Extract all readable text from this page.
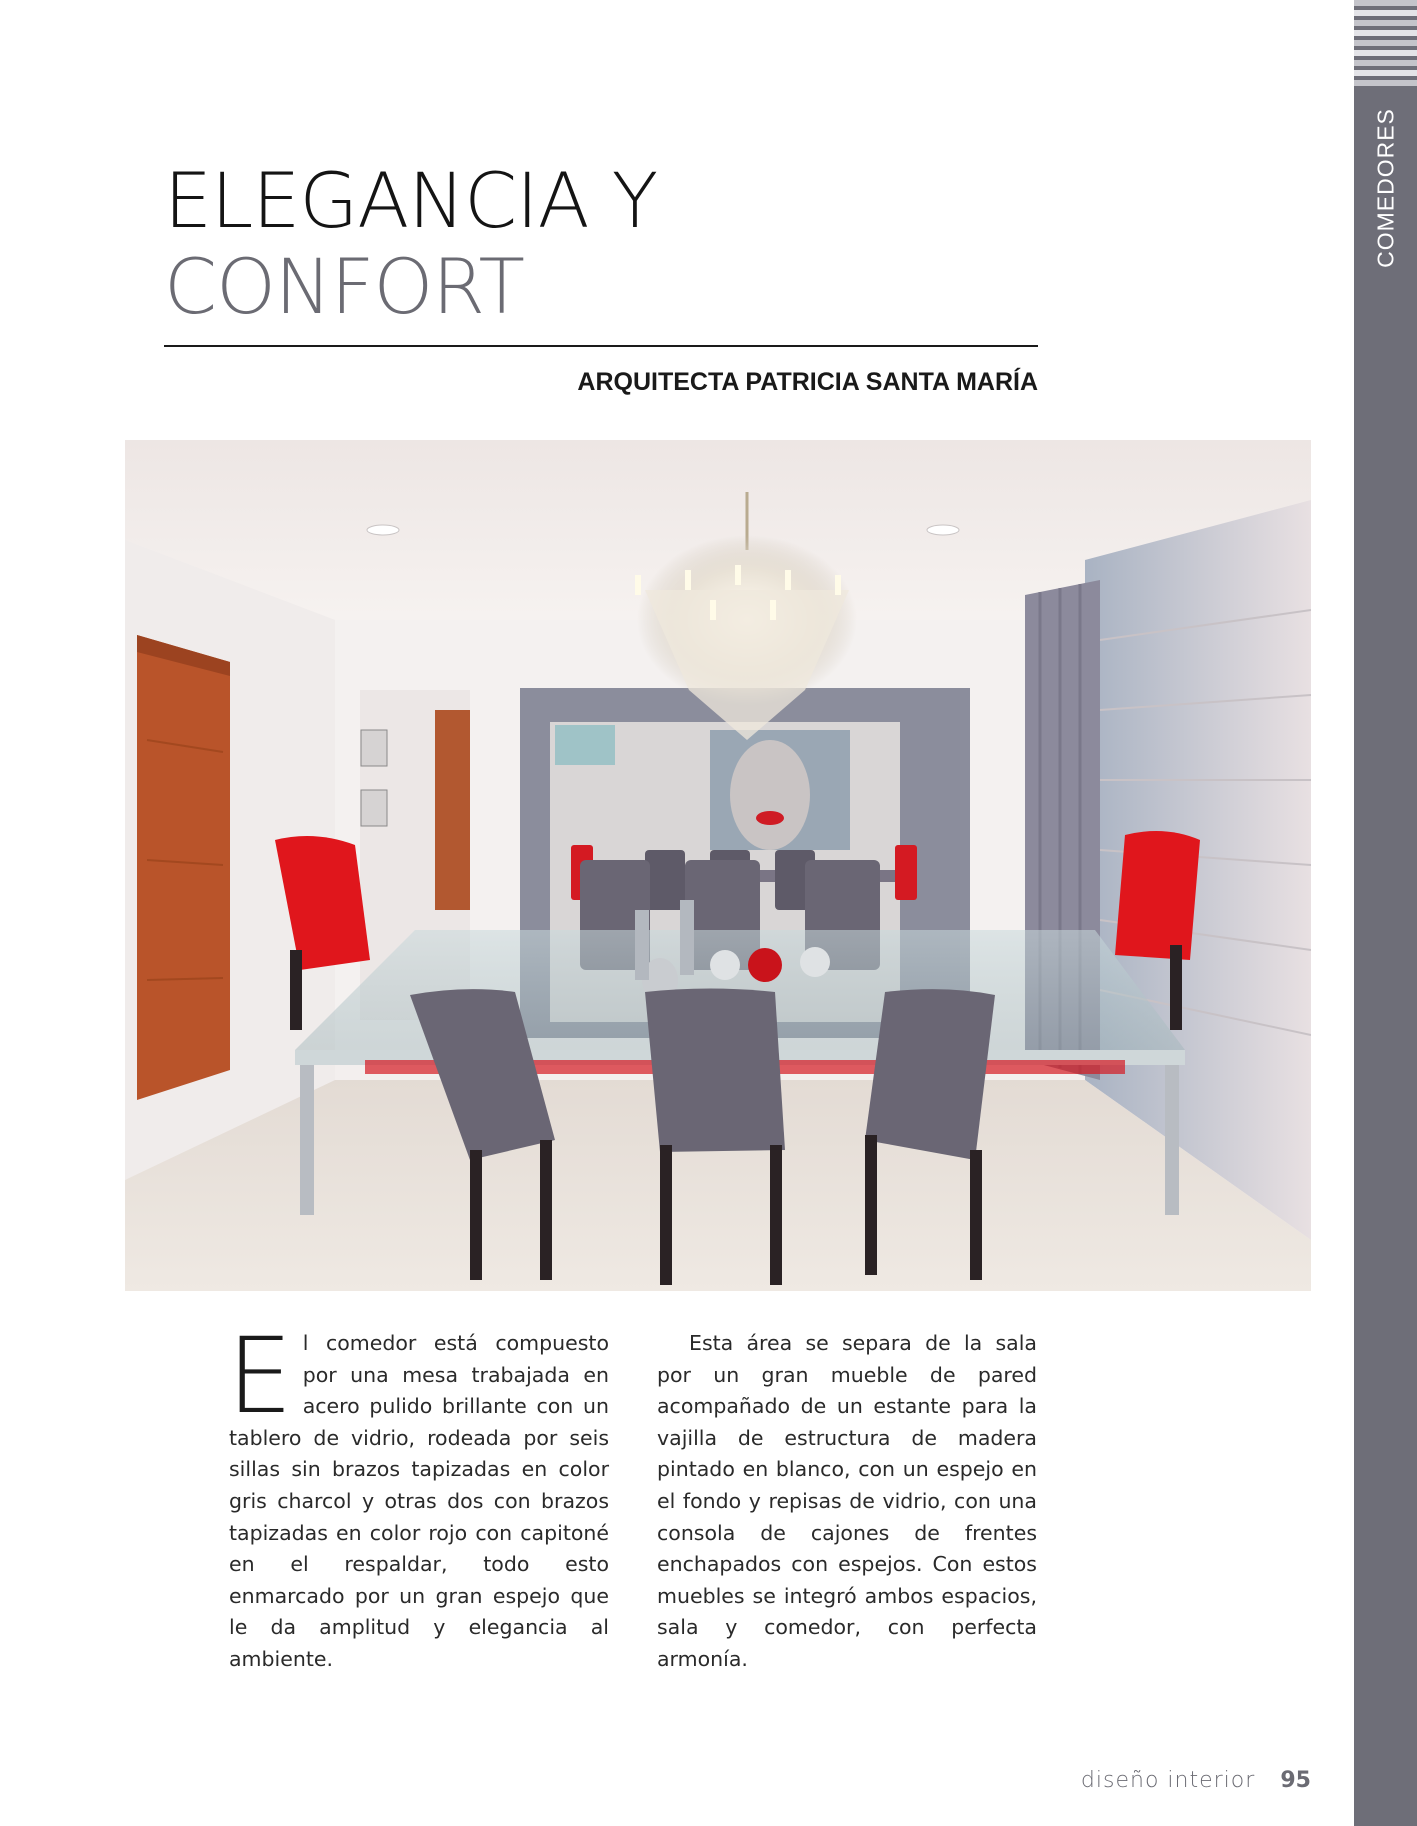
COMEDORES
ELEGANCIA Y
CONFORT
ARQUITECTA PATRICIA SANTA MARÍA
E l comedor está compuesto por una mesa trabajada en acero pulido brillante con un tablero de vidrio, rodeada por seis sillas sin brazos tapizadas en color gris charcol y otras dos con brazos tapizadas en color rojo con capitoné en el respaldar, todo esto enmarcado por un gran espejo que le da amplitud y elegancia al ambiente.

Esta área se separa de la sala por un gran mueble de pared acompañado de un estante para la vajilla de estructura de madera pintado en blanco, con un espejo en el fondo y repisas de vidrio, con una consola de cajones de frentes enchapados con espejos. Con estos muebles se integró ambos espacios, sala y comedor, con perfecta armonía.

diseño interior 95
